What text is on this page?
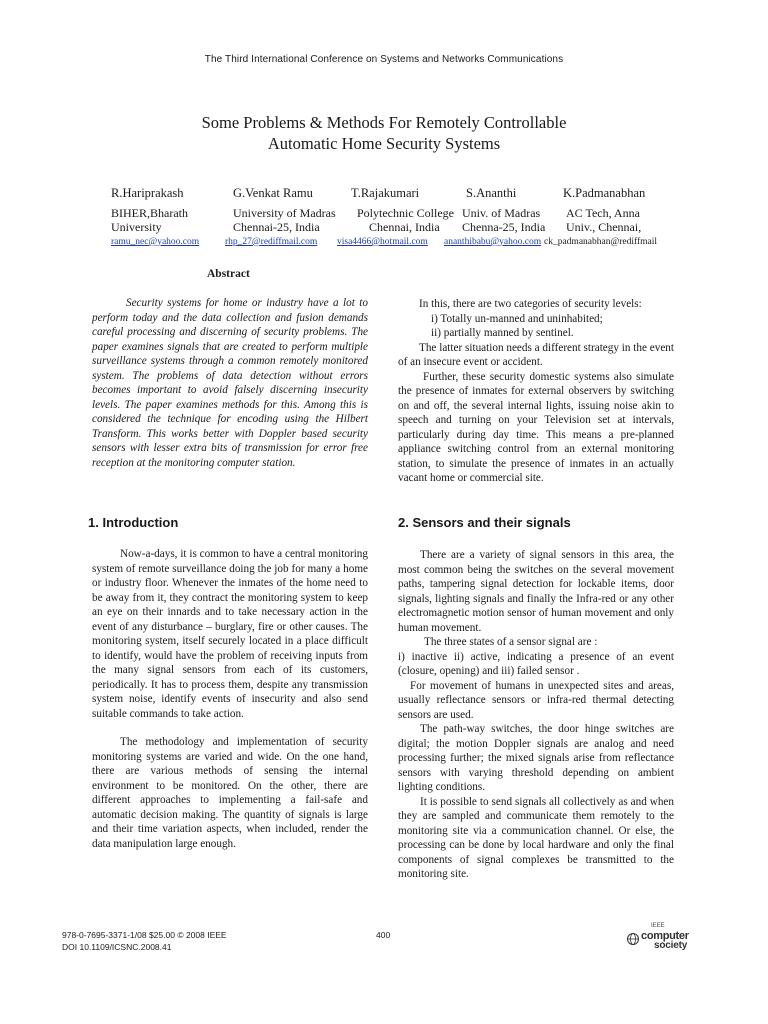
The Third International Conference on Systems and Networks Communications
Some Problems & Methods For Remotely Controllable
Automatic Home Security Systems
R.Hariprakash
BIHER,Bharath
University
ramu_nec@yahoo.com
G.Venkat Ramu
University of Madras
Chennai-25, India
rhp_27@rediffmail.com
T.Rajakumari
Polytechnic College
Chennai, India
visa4466@hotmail.com
S.Ananthi
Univ. of Madras
Chenna-25, India
ananthibabu@yahoo.com
K.Padmanabhan
AC Tech, Anna
Univ., Chennai,
ck_padmanabhan@rediffmail
Abstract
Security systems for home or industry have a lot to perform today and the data collection and fusion demands careful processing and discerning of security problems. The paper examines signals that are created to perform multiple surveillance systems through a common remotely monitored system. The problems of data detection without errors becomes important to avoid falsely discerning insecurity levels. The paper examines methods for this. Among this is considered the technique for encoding using the Hilbert Transform. This works better with Doppler based security sensors with lesser extra bits of transmission for error free reception at the monitoring computer station.
1. Introduction

Now-a-days, it is common to have a central monitoring system of remote surveillance doing the job for many a home or industry floor. Whenever the inmates of the home need to be away from it, they contract the monitoring system to keep an eye on their innards and to take necessary action in the event of any disturbance – burglary, fire or other causes. The monitoring system, itself securely located in a place difficult to identify, would have the problem of receiving inputs from the many signal sensors from each of its customers, periodically. It has to process them, despite any transmission system noise, identify events of insecurity and also send suitable commands to take action.

The methodology and implementation of security monitoring systems are varied and wide. On the one hand, there are various methods of sensing the internal environment to be monitored. On the other, there are different approaches to implementing a fail-safe and automatic decision making. The quantity of signals is large and their time variation aspects, when included, render the data manipulation large enough.

In this, there are two categories of security levels:

i) Totally un-manned and uninhabited;

ii) partially manned by sentinel.

The latter situation needs a different strategy in the event of an insecure event or accident.

Further, these security domestic systems also simulate the presence of inmates for external observers by switching on and off, the several internal lights, issuing noise akin to speech and turning on your Television set at intervals, particularly during day time. This means a pre-planned appliance switching control from an external monitoring station, to simulate the presence of inmates in an actually vacant home or commercial site.

2. Sensors and their signals

There are a variety of signal sensors in this area, the most common being the switches on the several movement paths, tampering signal detection for lockable items, door signals, lighting signals and finally the Infra-red or any other electromagnetic motion sensor of human movement and only human movement.

The three states of a sensor signal are :

i) inactive ii) active, indicating a presence of an event (closure, opening) and iii) failed sensor .

For movement of humans in unexpected sites and areas, usually reflectance sensors or infra-red thermal detecting sensors are used.

The path-way switches, the door hinge switches are digital; the motion Doppler signals are analog and need processing further; the mixed signals arise from reflectance sensors with varying threshold depending on ambient lighting conditions.

It is possible to send signals all collectively as and when they are sampled and communicate them remotely to the monitoring site via a communication channel. Or else, the processing can be done by local hardware and only the final components of signal complexes be transmitted to the monitoring site.

978-0-7695-3371-1/08 $25.00 © 2008 IEEE
DOI 10.1109/ICSNC.2008.41
400
IEEE
computer
society
